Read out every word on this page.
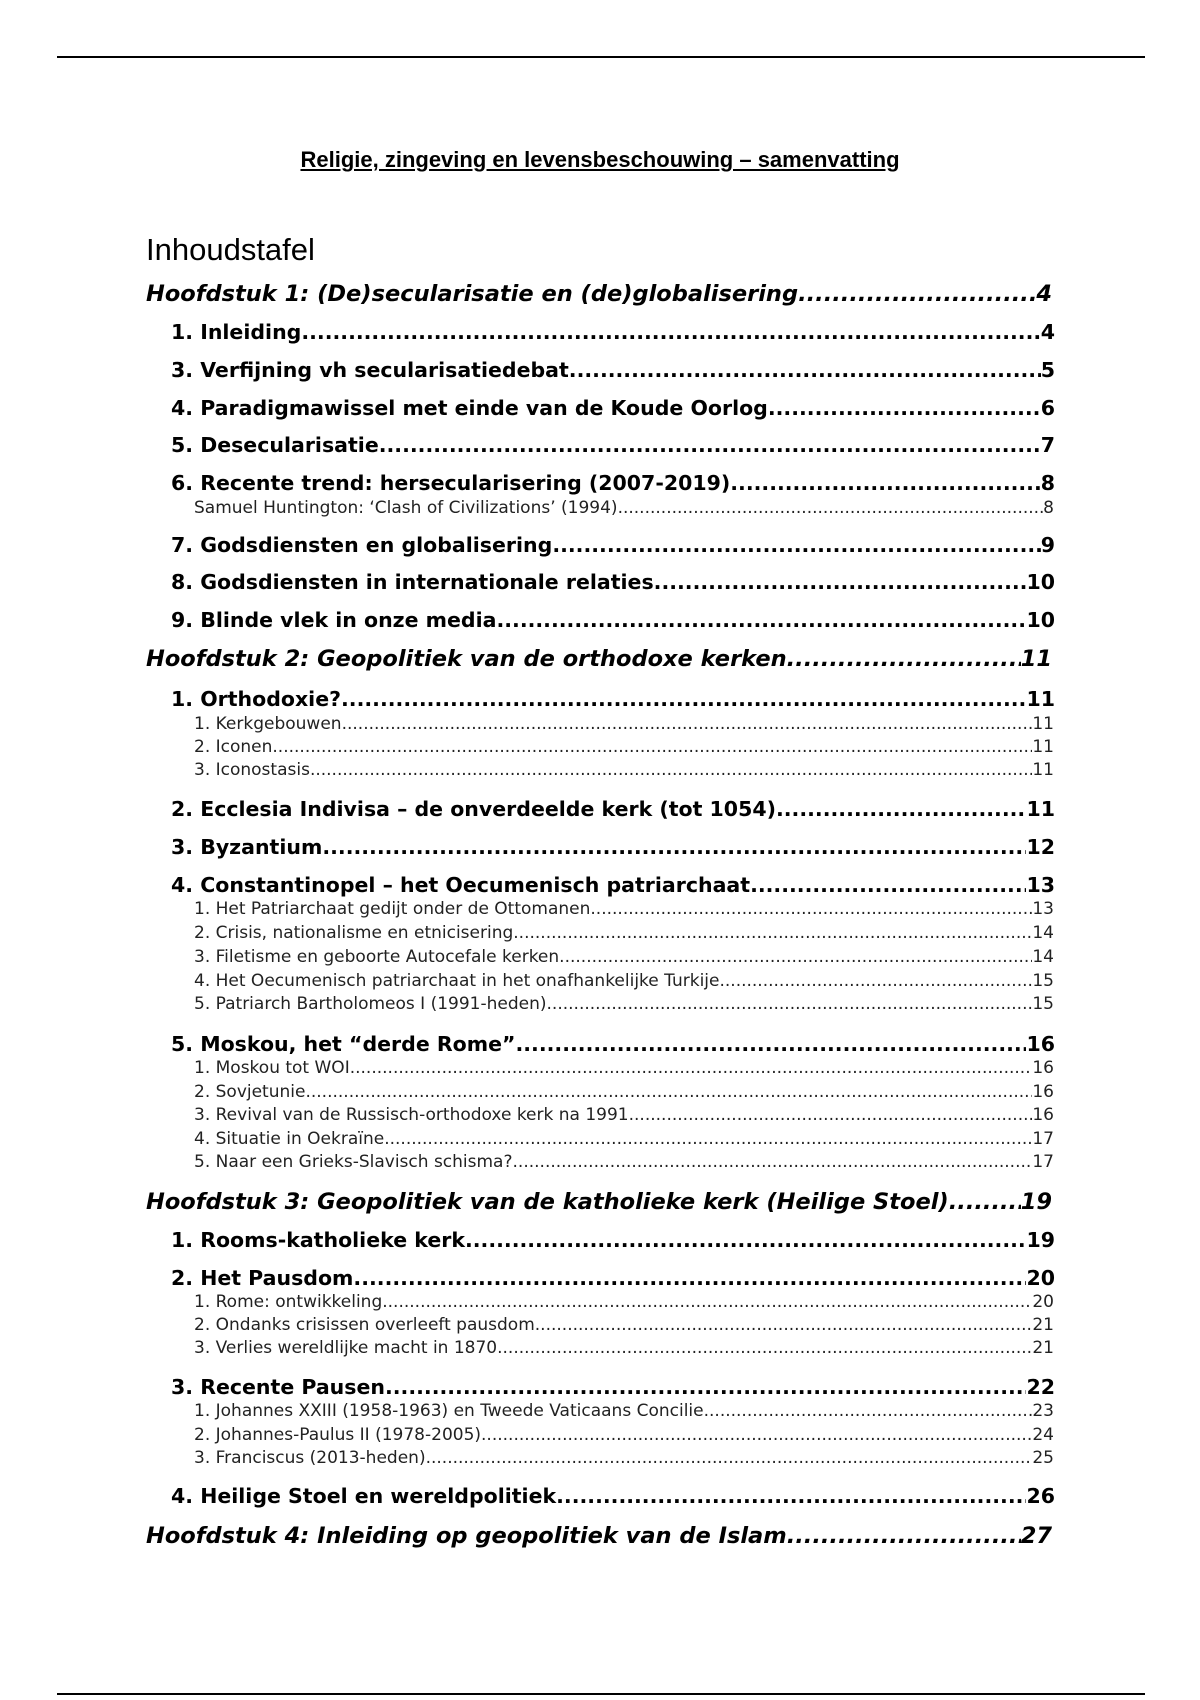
Religie, zingeving en levensbeschouwing – samenvatting
Inhoudstafel
Hoofdstuk 1: (De)secularisatie en (de)globalisering .....	4
1. Inleiding .....	4
3. Verfijning vh secularisatiedebat .....	5
4. Paradigmawissel met einde van de Koude Oorlog .....	6
5. Desecularisatie .....	7
6. Recente trend: hersecularisering (2007-2019) .....	8
Samuel Huntington: ‘Clash of Civilizations’ (1994) .....	8
7. Godsdiensten en globalisering .....	9
8. Godsdiensten in internationale relaties .....	10
9. Blinde vlek in onze media .....	10
Hoofdstuk 2: Geopolitiek van de orthodoxe kerken .....	11
1. Orthodoxie? .....	11
1. Kerkgebouwen .....	11
2. Iconen .....	11
3. Iconostasis .....	11
2. Ecclesia Indivisa – de onverdeelde kerk (tot 1054) .....	11
3. Byzantium .....	12
4. Constantinopel – het Oecumenisch patriarchaat .....	13
1. Het Patriarchaat gedijt onder de Ottomanen .....	13
2. Crisis, nationalisme en etnicisering .....	14
3. Filetisme en geboorte Autocefale kerken .....	14
4. Het Oecumenisch patriarchaat in het onafhankelijke Turkije .....	15
5. Patriarch Bartholomeos I (1991-heden) .....	15
5. Moskou, het “derde Rome” .....	16
1. Moskou tot WOI .....	16
2. Sovjetunie .....	16
3. Revival van de Russisch-orthodoxe kerk na 1991 .....	16
4. Situatie in Oekraïne .....	17
5. Naar een Grieks-Slavisch schisma? .....	17
Hoofdstuk 3: Geopolitiek van de katholieke kerk (Heilige Stoel) .....	19
1. Rooms-katholieke kerk .....	19
2. Het Pausdom .....	20
1. Rome: ontwikkeling .....	20
2. Ondanks crisissen overleeft pausdom .....	21
3. Verlies wereldlijke macht in 1870 .....	21
3. Recente Pausen .....	22
1. Johannes XXIII (1958-1963) en Tweede Vaticaans Concilie .....	23
2. Johannes-Paulus II (1978-2005) .....	24
3. Franciscus (2013-heden) .....	25
4. Heilige Stoel en wereldpolitiek .....	26
Hoofdstuk 4: Inleiding op geopolitiek van de Islam .....	27
